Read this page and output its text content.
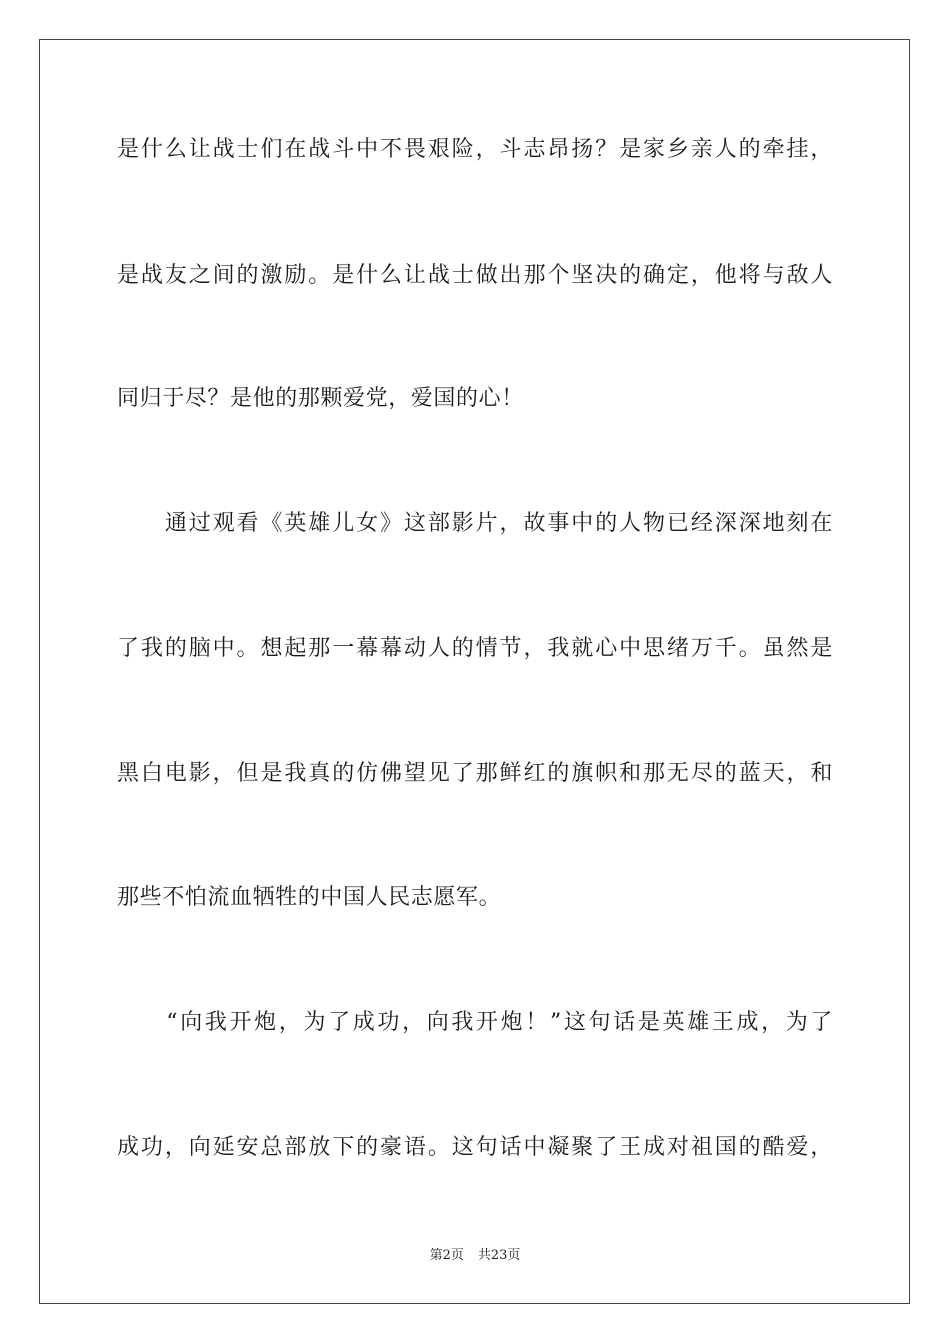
是什么让战士们在战斗中不畏艰险，斗志昂扬？是家乡亲人的牵挂，
是战友之间的激励。是什么让战士做出那个坚决的确定，他将与敌人
同归于尽？是他的那颗爱党，爱国的心！
　　通过观看《英雄儿女》这部影片，故事中的人物已经深深地刻在
了我的脑中。想起那一幕幕动人的情节，我就心中思绪万千。虽然是
黑白电影，但是我真的仿佛望见了那鲜红的旗帜和那无尽的蓝天，和
那些不怕流血牺牲的中国人民志愿军。
　　“向我开炮，为了成功，向我开炮！”这句话是英雄王成，为了
成功，向延安总部放下的豪语。这句话中凝聚了王成对祖国的酷爱，
第2页 共23页
